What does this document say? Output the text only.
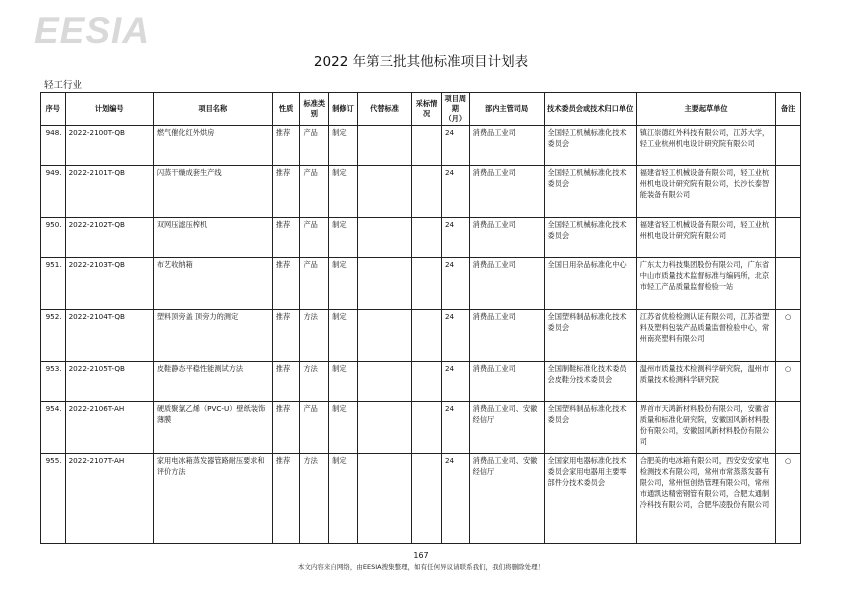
EESIA
2022 年第三批其他标准项目计划表
轻工行业
序号	计划编号	项目名称	性质	标准类别	制修订	代替标准	采标情况	项目周期（月）	部内主管司局	技术委员会或技术归口单位	主要起草单位	备注
948.	2022-2100T-QB	燃气催化红外烘房	推荐	产品	制定			24	消费品工业司	全国轻工机械标准化技术委员会	镇江崇德红外科技有限公司，江苏大学，轻工业杭州机电设计研究院有限公司	
949.	2022-2101T-QB	闪蒸干燥成套生产线	推荐	产品	制定			24	消费品工业司	全国轻工机械标准化技术委员会	福建省轻工机械设备有限公司，轻工业杭州机电设计研究院有限公司，长沙长泰智能装备有限公司	
950.	2022-2102T-QB	双网压滤压榨机	推荐	产品	制定			24	消费品工业司	全国轻工机械标准化技术委员会	福建省轻工机械设备有限公司，轻工业杭州机电设计研究院有限公司	
951.	2022-2103T-QB	布艺收纳箱	推荐	产品	制定			24	消费品工业司	全国日用杂品标准化中心	广东太力科技集团股份有限公司，广东省中山市质量技术监督标准与编码所，北京市轻工产品质量监督检验一站	
952.	2022-2104T-QB	塑料顶旁盖 顶旁力的测定	推荐	方法	制定			24	消费品工业司	全国塑料制品标准化技术委员会	江苏省优检检测认证有限公司，江苏省塑料及塑料包装产品质量监督检验中心，常州南亮塑料有限公司	○
953.	2022-2105T-QB	皮鞋静态平稳性能测试方法	推荐	方法	制定			24	消费品工业司	全国制鞋标准化技术委员会皮鞋分技术委员会	温州市质量技术检测科学研究院，温州市质量技术检测科学研究院	○
954.	2022-2106T-AH	硬质聚氯乙烯（PVC-U）壁纸装饰薄膜	推荐	产品	制定			24	消费品工业司、安徽经信厅	全国塑料制品标准化技术委员会	界首市天鸿新材料股份有限公司，安徽省质量和标准化研究院，安徽国风新材料股份有限公司，安徽国风新材料股份有限公司	
955.	2022-2107T-AH	家用电冰箱蒸发器管路耐压要求和评价方法	推荐	方法	制定			24	消费品工业司、安徽经信厅	全国家用电器标准化技术委员会家用电器用主要零部件分技术委员会	合肥美的电冰箱有限公司，西安安安家电检测技术有限公司，常州市常蒸蒸发器有限公司，常州恒创热管理有限公司，常州市通凯达精密钢管有限公司，合肥太通制冷科技有限公司，合肥华凌股份有限公司	○
167
本文内容来自网络，由EESIA搜集整理，如有任何异议请联系我们，我们将删除处理！
